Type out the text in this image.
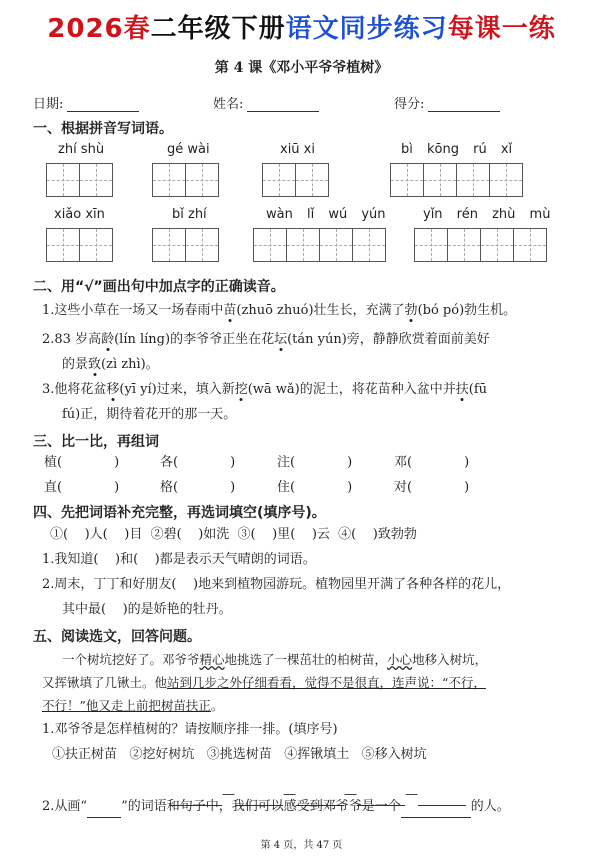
2026春二年级下册语文同步练习每课一练
第 4 课《邓小平爷爷植树》
日期:	姓名:	得分:
一、根据拼音写词语。
zhí shù	gé wài	xiū xi	bì kōng rú xǐ
xiǎo xīn	bǐ zhí	wàn lǐ wú yún	yǐn rén zhù mù
二、用“√”画出句中加点字的正确读音。
1.这些小草在一场又一场春雨中苗(zhuō zhuó)壮生长，充满了勃(bó pó)勃生机。
2.83 岁高龄(lín líng)的李爷爷正坐在花坛(tán yún)旁，静静欣赏着面前美好
的景致(zì zhì)。
3.他将花盆移(yī yí)过来，填入新挖(wā wǎ)的泥土，将花苗种入盆中并扶(fū
fú)正，期待着花开的那一天。
三、比一比，再组词
植(	)	各(	)	注(	)	邓(	)
直(	)	格(	)	住(	)	对(	)
四、先把词语补充完整，再选词填空(填序号)。
①(    )人(    )目  ②碧(    )如洗  ③(    )里(    )云  ④(    )致勃勃
1.我知道(    )和(    )都是表示天气晴朗的词语。
2.周末，丁丁和好朋友(    )地来到植物园游玩。植物园里开满了各种各样的花儿，
其中最(    )的是娇艳的牡丹。
五、阅读选文，回答问题。
一个树坑挖好了。邓爷爷精心地挑选了一棵茁壮的柏树苗，小心地移入树坑，
又挥锹填了几锹土。他站到几步之外仔细看看，觉得不是很直，连声说：“不行，
不行！”他又走上前把树苗扶正。
1.邓爷爷是怎样植树的？请按顺序排一排。(填序号)
①扶正树苗   ②挖好树坑   ③挑选树苗   ④挥锹填土   ⑤移入树坑
—	—	—	—
2.从画“	”的词语和句子中，我们可以感受到邓爷爷是一个	的人。
第 4 页，共 47 页
